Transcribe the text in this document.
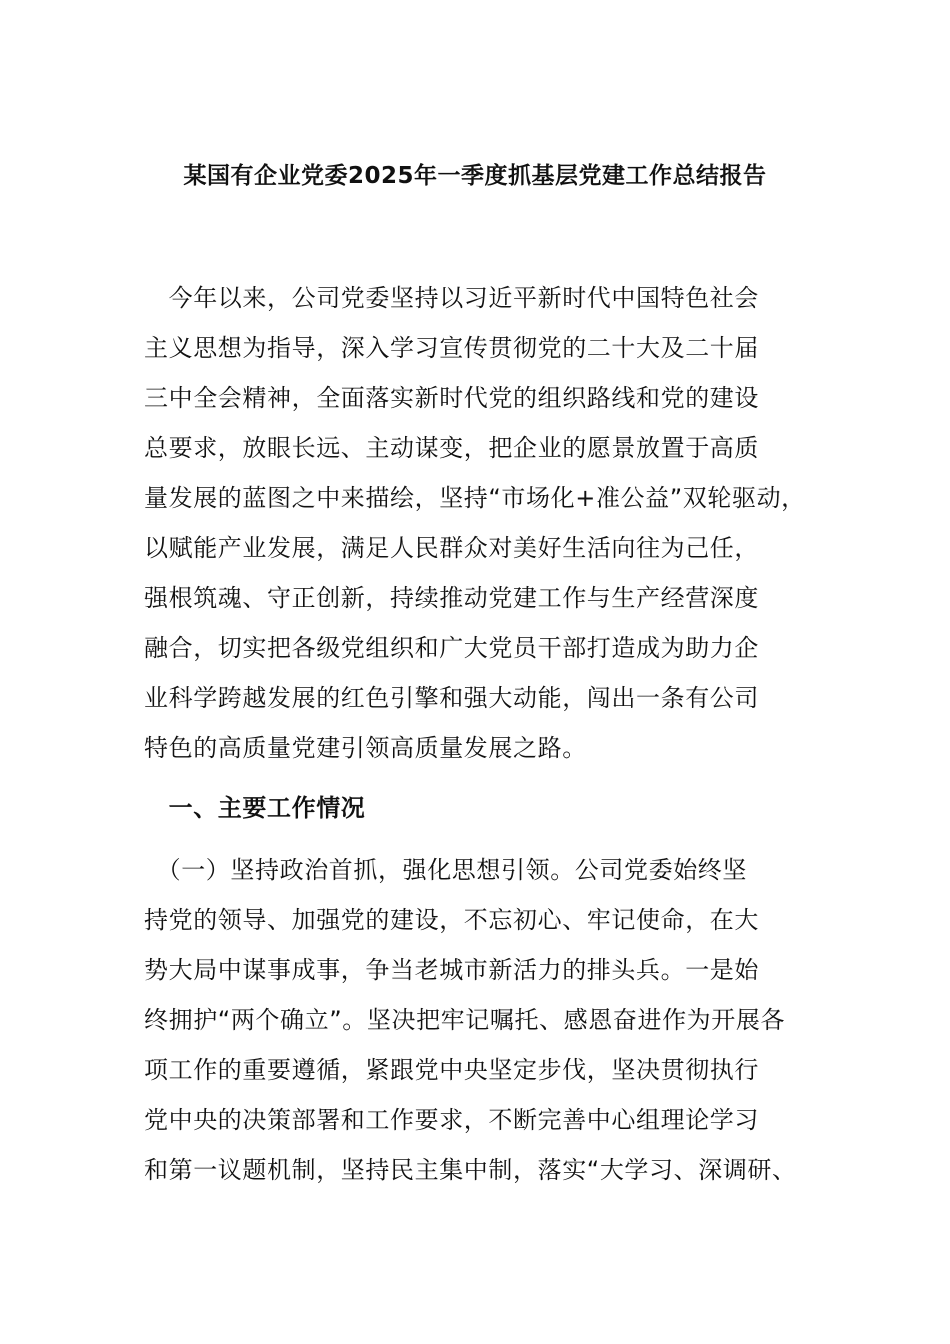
某国有企业党委2025年一季度抓基层党建工作总结报告
　今年以来，公司党委坚持以习近平新时代中国特色社会
主义思想为指导，深入学习宣传贯彻党的二十大及二十届
三中全会精神，全面落实新时代党的组织路线和党的建设
总要求，放眼长远、主动谋变，把企业的愿景放置于高质
量发展的蓝图之中来描绘，坚持“市场化+准公益”双轮驱动，
以赋能产业发展，满足人民群众对美好生活向往为己任，
强根筑魂、守正创新，持续推动党建工作与生产经营深度
融合，切实把各级党组织和广大党员干部打造成为助力企
业科学跨越发展的红色引擎和强大动能，闯出一条有公司
特色的高质量党建引领高质量发展之路。
　一、主要工作情况
　（一）坚持政治首抓，强化思想引领。公司党委始终坚
持党的领导、加强党的建设，不忘初心、牢记使命，在大
势大局中谋事成事，争当老城市新活力的排头兵。一是始
终拥护“两个确立”。坚决把牢记嘱托、感恩奋进作为开展各
项工作的重要遵循，紧跟党中央坚定步伐，坚决贯彻执行
党中央的决策部署和工作要求，不断完善中心组理论学习
和第一议题机制，坚持民主集中制，落实“大学习、深调研、
